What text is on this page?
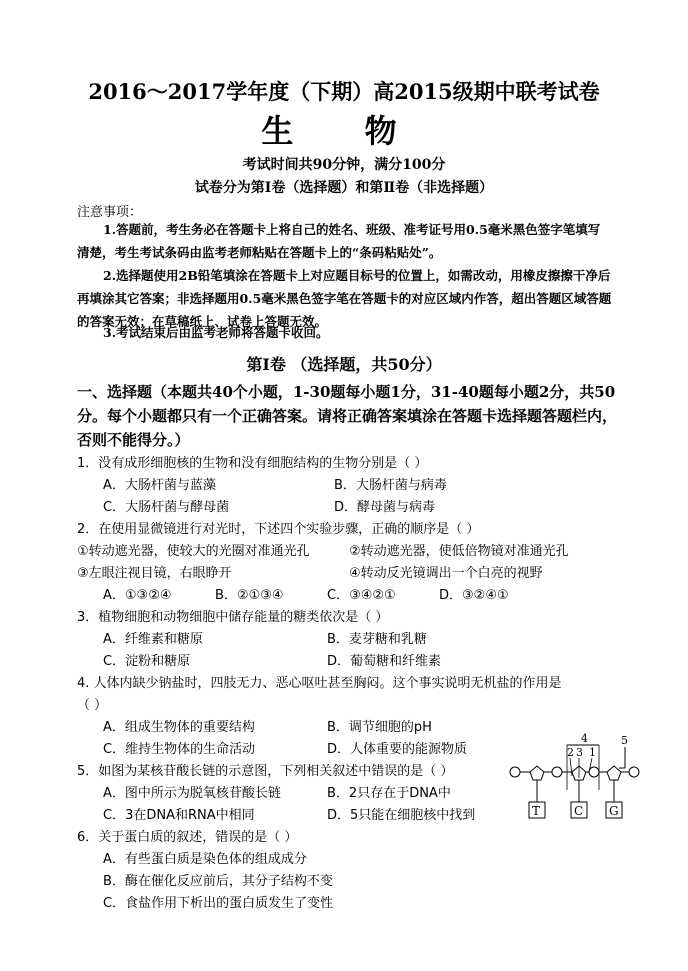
2016～2017学年度（下期）高2015级期中联考试卷
生 物
考试时间共90分钟，满分100分
试卷分为第Ⅰ卷（选择题）和第Ⅱ卷（非选择题）
注意事项：
1.答题前，考生务必在答题卡上将自己的姓名、班级、准考证号用0.5毫米黑色签字笔填写清楚，考生考试条码由监考老师粘贴在答题卡上的“条码粘贴处”。
2.选择题使用2B铅笔填涂在答题卡上对应题目标号的位置上，如需改动，用橡皮擦擦干净后再填涂其它答案；非选择题用0.5毫米黑色签字笔在答题卡的对应区域内作答，超出答题区域答题的答案无效；在草稿纸上、试卷上答题无效。
3.考试结束后由监考老师将答题卡收回。
第Ⅰ卷 （选择题，共50分）
一、选择题（本题共40个小题，1-30题每小题1分，31-40题每小题2分，共50分。每个小题都只有一个正确答案。请将正确答案填涂在答题卡选择题答题栏内，否则不能得分。）
1．没有成形细胞核的生物和没有细胞结构的生物分别是（ ）
A．大肠杆菌与蓝藻	B．大肠杆菌与病毒
C．大肠杆菌与酵母菌	D．酵母菌与病毒
2．在使用显微镜进行对光时，下述四个实验步骤，正确的顺序是（ ）
①转动遮光器，使较大的光圈对准通光孔	②转动遮光器，使低倍物镜对准通光孔
③左眼注视目镜，右眼睁开	④转动反光镜调出一个白亮的视野
A．①③②④	B．②①③④	C．③④②①	D．③②④①
3．植物细胞和动物细胞中储存能量的糖类依次是（ ）
A．纤维素和糖原	B．麦芽糖和乳糖
C．淀粉和糖原	D．葡萄糖和纤维素
4. 人体内缺少钠盐时，四肢无力、恶心呕吐甚至胸闷。这个事实说明无机盐的作用是
（ ）
A．组成生物体的重要结构	B．调节细胞的pH
C．维持生物体的生命活动	D．人体重要的能源物质
5．如图为某核苷酸长链的示意图，下列相关叙述中错误的是（ ）
A．图中所示为脱氧核苷酸长链	B．2只存在于DNA中
C．3在DNA和RNA中相同	D．5只能在细胞核中找到
4
2 3 1
5
T	C G
6．关于蛋白质的叙述，错误的是（ ）
A．有些蛋白质是染色体的组成成分
B．酶在催化反应前后，其分子结构不变
C．食盐作用下析出的蛋白质发生了变性
